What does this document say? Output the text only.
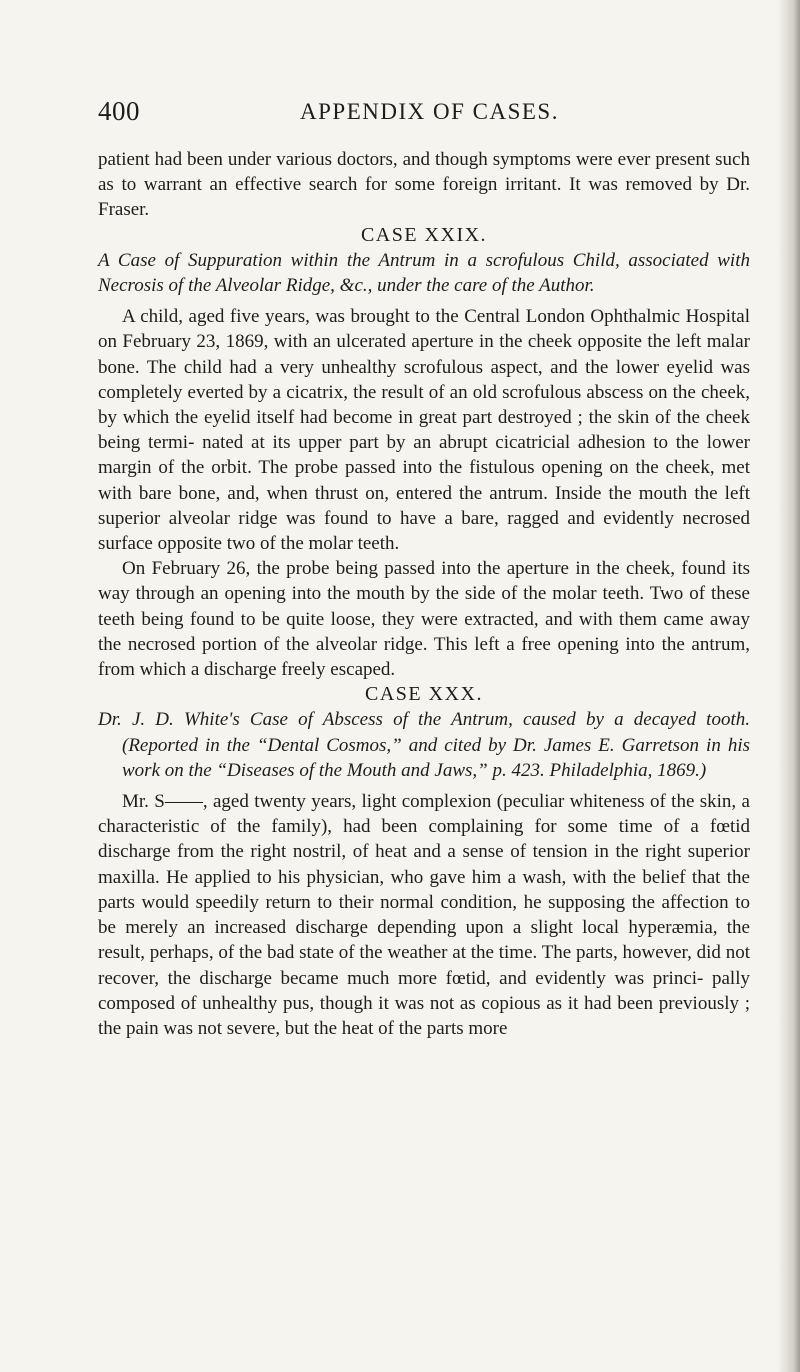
400	APPENDIX OF CASES.

patient had been under various doctors, and though symptoms were ever present such as to warrant an effective search for some foreign irritant. It was removed by Dr. Fraser.

CASE XXIX.

A Case of Suppuration within the Antrum in a scrofulous Child, associated with Necrosis of the Alveolar Ridge, &c., under the care of the Author.

A child, aged five years, was brought to the Central London Ophthalmic Hospital on February 23, 1869, with an ulcerated aperture in the cheek opposite the left malar bone. The child had a very unhealthy scrofulous aspect, and the lower eyelid was completely everted by a cicatrix, the result of an old scrofulous abscess on the cheek, by which the eyelid itself had become in great part destroyed ; the skin of the cheek being termi- nated at its upper part by an abrupt cicatricial adhesion to the lower margin of the orbit. The probe passed into the fistulous opening on the cheek, met with bare bone, and, when thrust on, entered the antrum. Inside the mouth the left superior alveolar ridge was found to have a bare, ragged and evidently necrosed surface opposite two of the molar teeth.

On February 26, the probe being passed into the aperture in the cheek, found its way through an opening into the mouth by the side of the molar teeth. Two of these teeth being found to be quite loose, they were extracted, and with them came away the necrosed portion of the alveolar ridge. This left a free opening into the antrum, from which a discharge freely escaped.

CASE XXX.

Dr. J. D. White's Case of Abscess of the Antrum, caused by a decayed tooth. (Reported in the “Dental Cosmos,” and cited by Dr. James E. Garretson in his work on the “Diseases of the Mouth and Jaws,” p. 423. Philadelphia, 1869.)

Mr. S——, aged twenty years, light complexion (peculiar whiteness of the skin, a characteristic of the family), had been complaining for some time of a fœtid discharge from the right nostril, of heat and a sense of tension in the right superior maxilla. He applied to his physician, who gave him a wash, with the belief that the parts would speedily return to their normal condition, he supposing the affection to be merely an increased discharge depending upon a slight local hyperæmia, the result, perhaps, of the bad state of the weather at the time. The parts, however, did not recover, the discharge became much more fœtid, and evidently was princi- pally composed of unhealthy pus, though it was not as copious as it had been previously ; the pain was not severe, but the heat of the parts more
